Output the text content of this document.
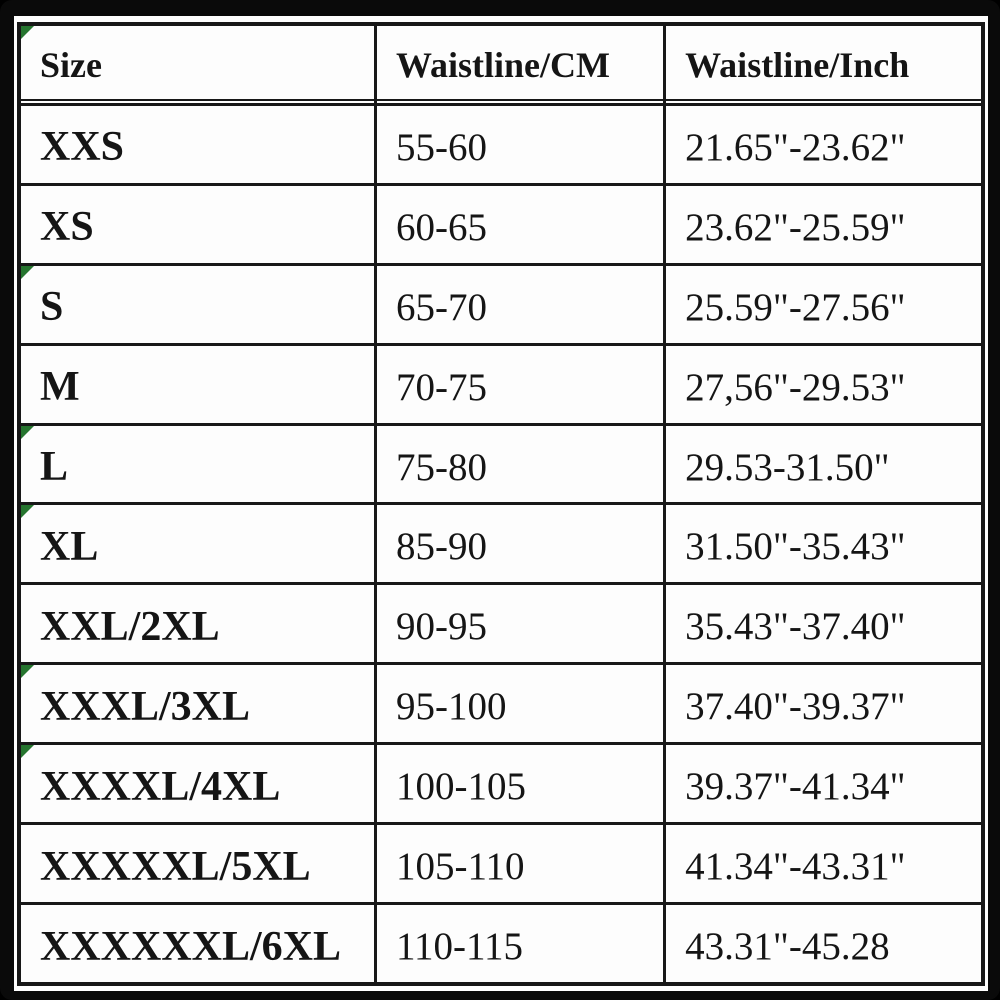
Size	Waistline/CM Waistline/Inch
XXS	55-60	21.65"-23.62"
XS	60-65	23.62"-25.59"
S	65-70	25.59"-27.56"
M	70-75	27,56"-29.53"
L	75-80	29.53-31.50"
XL	85-90	31.50"-35.43"
XXL/2XL	90-95	35.43"-37.40"
XXXL/3XL	95-100	37.40"-39.37"
XXXXL/4XL	100-105	39.37"-41.34"
XXXXXL/5XL 105-110	41.34"-43.31"
XXXXXXL/6XL 110-115	43.31"-45.28
